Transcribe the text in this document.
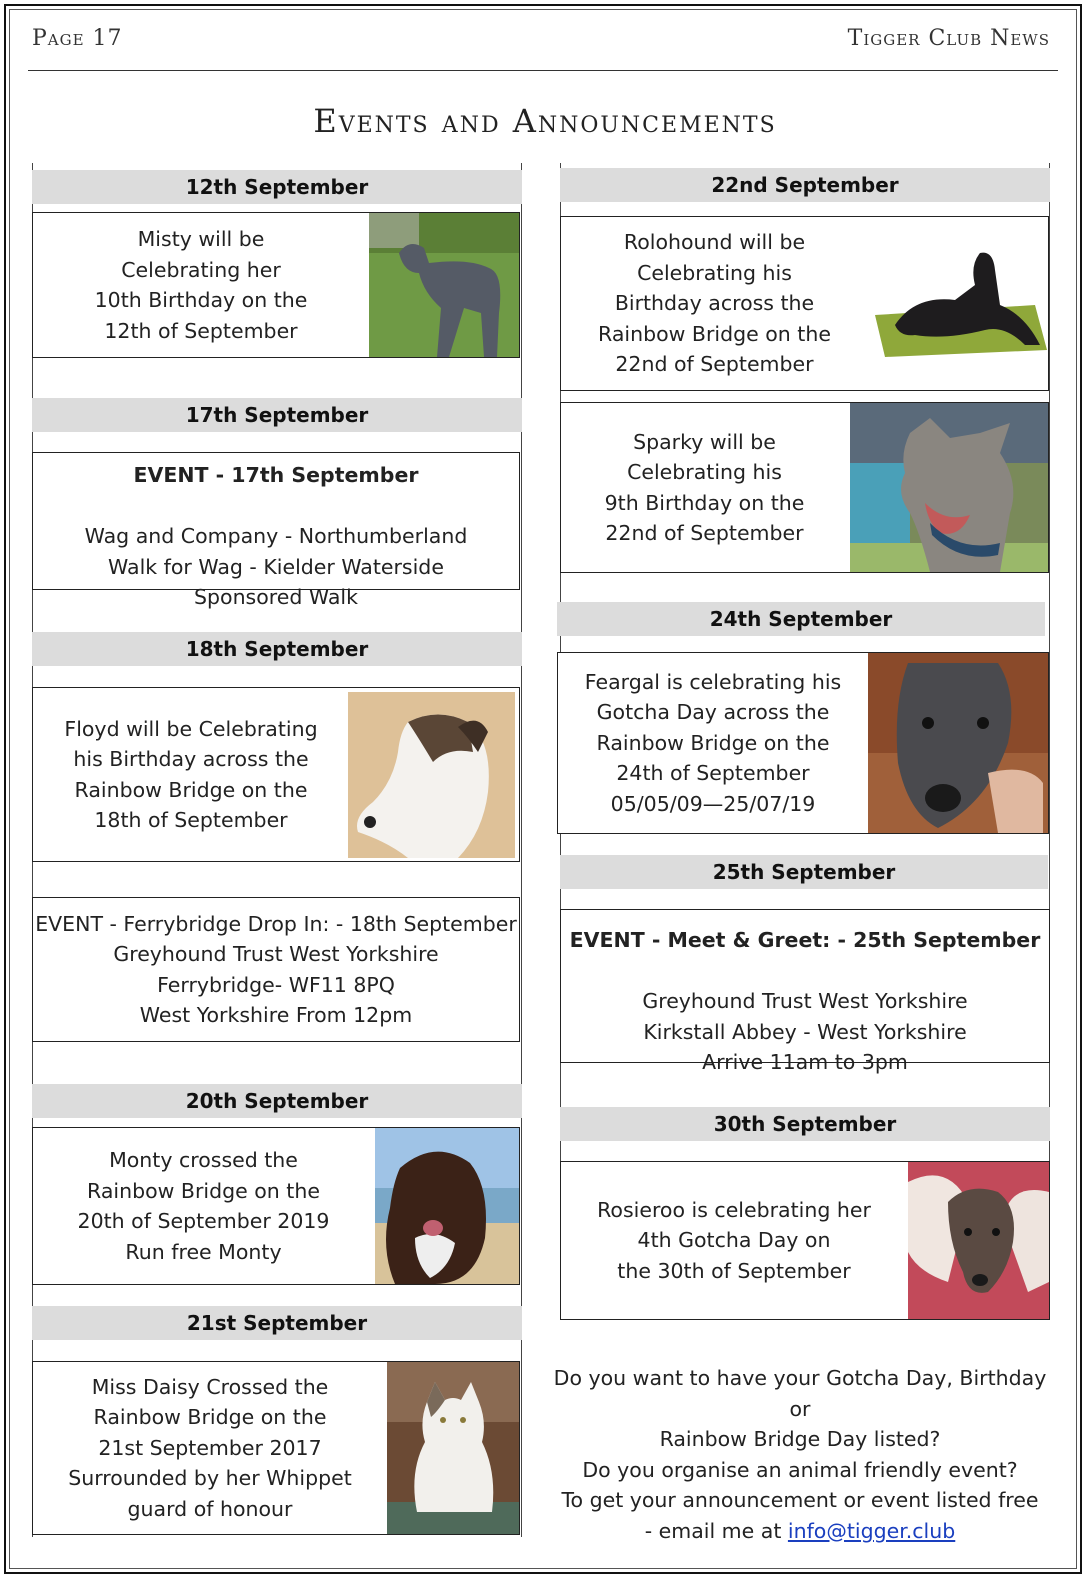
Page 17	Tigger Club News
Events and Announcements
12th September
Misty will be
Celebrating her
10th Birthday on the
12th of September
17th September

EVENT - 17th September

Wag and Company - Northumberland
Walk for Wag - Kielder Waterside
Sponsored Walk

18th September
Floyd will be Celebrating
his Birthday across the
Rainbow Bridge on the
18th of September
EVENT - Ferrybridge Drop In: - 18th September
Greyhound Trust West Yorkshire
Ferrybridge- WF11 8PQ
West Yorkshire From 12pm
20th September
Monty crossed the
Rainbow Bridge on the
20th of September 2019
Run free Monty
21st September
Miss Daisy Crossed the
Rainbow Bridge on the
21st September 2017
Surrounded by her Whippet
guard of honour
22nd September
Rolohound will be
Celebrating his
Birthday across the
Rainbow Bridge on the
22nd of September
Sparky will be
Celebrating his
9th Birthday on the
22nd of September
24th September
Feargal is celebrating his
Gotcha Day across the
Rainbow Bridge on the
24th of September
05/05/09—25/07/19
25th September

EVENT - Meet & Greet: - 25th September

Greyhound Trust West Yorkshire
Kirkstall Abbey - West Yorkshire
Arrive 11am to 3pm

30th September
Rosieroo is celebrating her
4th Gotcha Day on
the 30th of September
Do you want to have your Gotcha Day, Birthday or
Rainbow Bridge Day listed?
Do you organise an animal friendly event?
To get your announcement or event listed free
- email me at info@tigger.club
